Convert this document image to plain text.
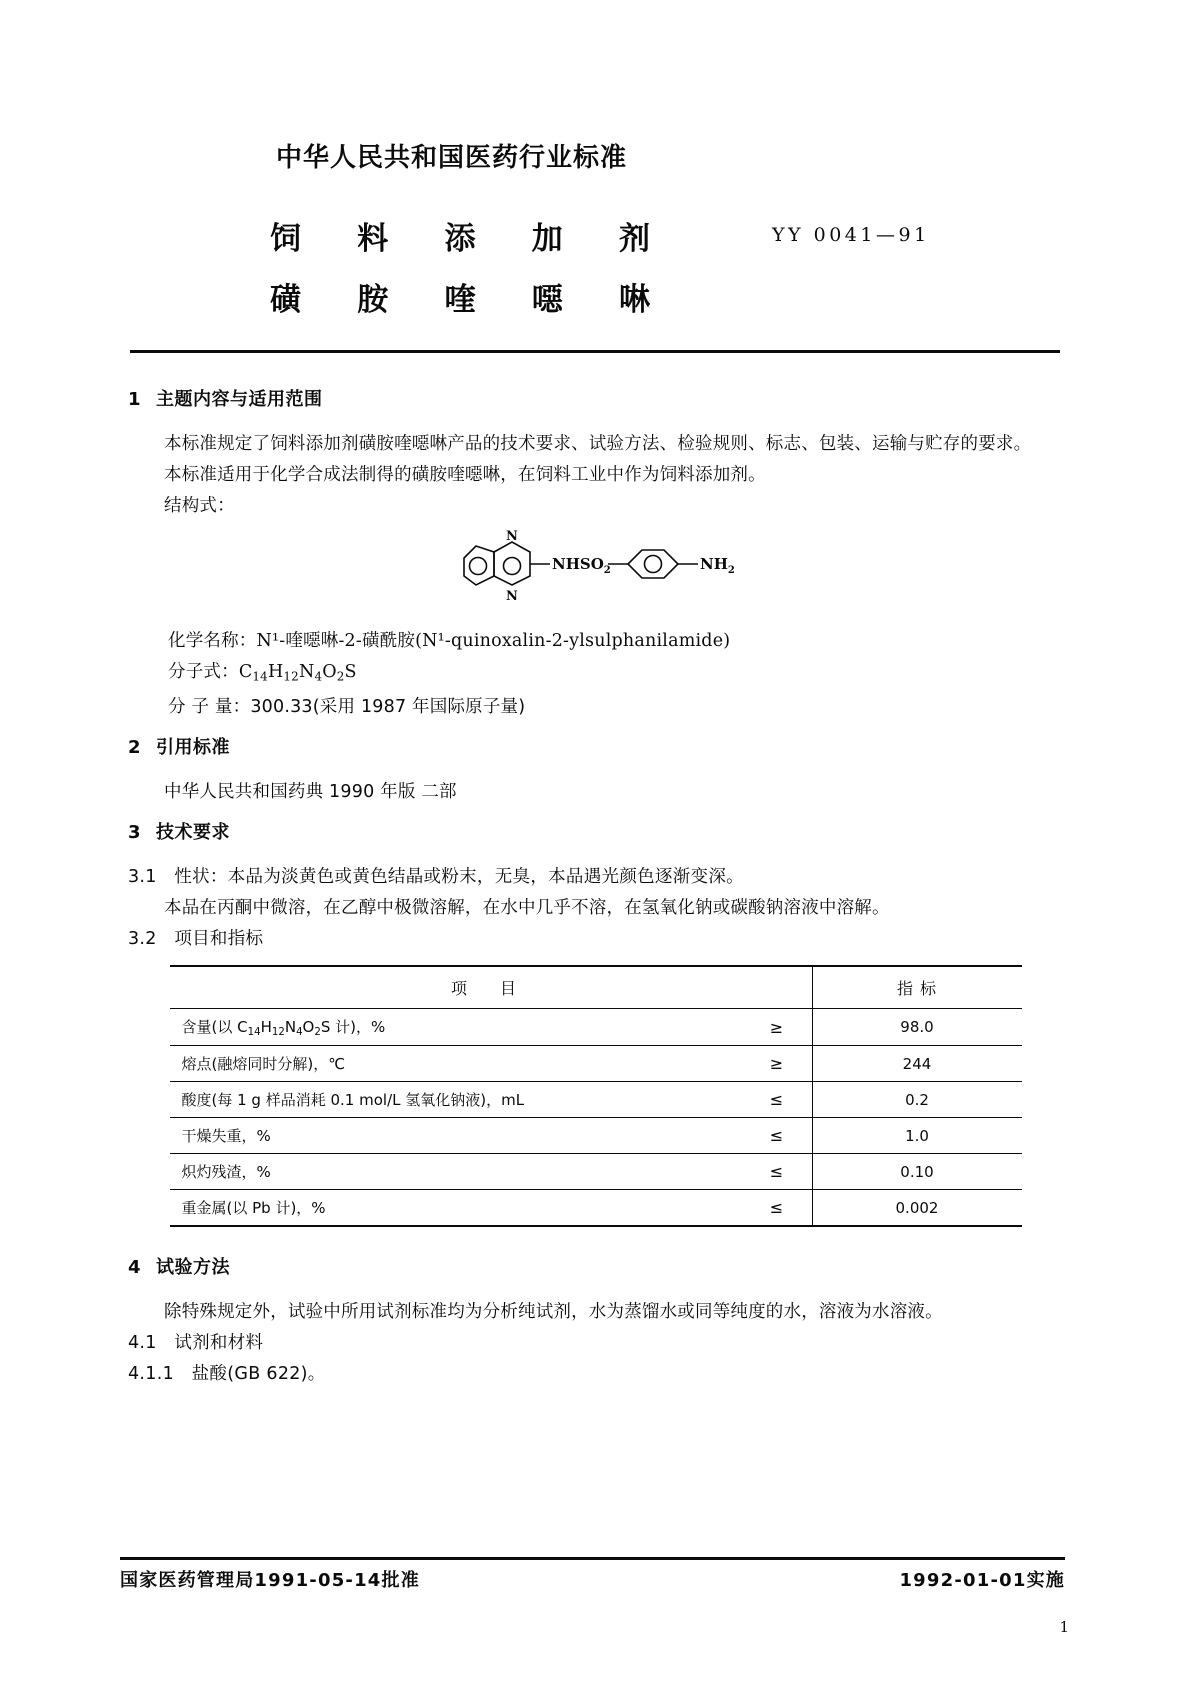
中华人民共和国医药行业标准
饲 料 添 加 剂
磺 胺 喹 噁 啉
YY 0041—91
1 主题内容与适用范围

本标准规定了饲料添加剂磺胺喹噁啉产品的技术要求、试验方法、检验规则、标志、包装、运输与贮存的要求。

本标准适用于化学合成法制得的磺胺喹噁啉，在饲料工业中作为饲料添加剂。

结构式：

N
N
$NHSO_2$	$NH_2$

化学名称：N¹-喹噁啉-2-磺酰胺(N¹-quinoxalin-2-ylsulphanilamide)

分子式：$C_{14}H_{12}N_4O_2S$

分 子 量：300.33(采用 1987 年国际原子量)

2 引用标准

中华人民共和国药典 1990 年版 二部

3 技术要求

3.1 性状：本品为淡黄色或黄色结晶或粉末，无臭，本品遇光颜色逐渐变深。

本品在丙酮中微溶，在乙醇中极微溶解，在水中几乎不溶，在氢氧化钠或碳酸钠溶液中溶解。

3.2 项目和指标

项 目		指 标
含量(以 $C_{14}H_{12}N_4O_2S$ 计)，%	≥	98.0
熔点(融熔同时分解)，℃	≥	244
酸度(每 1 g 样品消耗 0.1 mol/L 氢氧化钠液)，mL	≤	0.2
干燥失重，%	≤	1.0
炽灼残渣，%	≤	0.10
重金属(以 Pb 计)，%	≤	0.002
4 试验方法

除特殊规定外，试验中所用试剂标准均为分析纯试剂，水为蒸馏水或同等纯度的水，溶液为水溶液。

4.1 试剂和材料

4.1.1 盐酸(GB 622)。

国家医药管理局1991-05-14批准	1992-01-01实施
1
